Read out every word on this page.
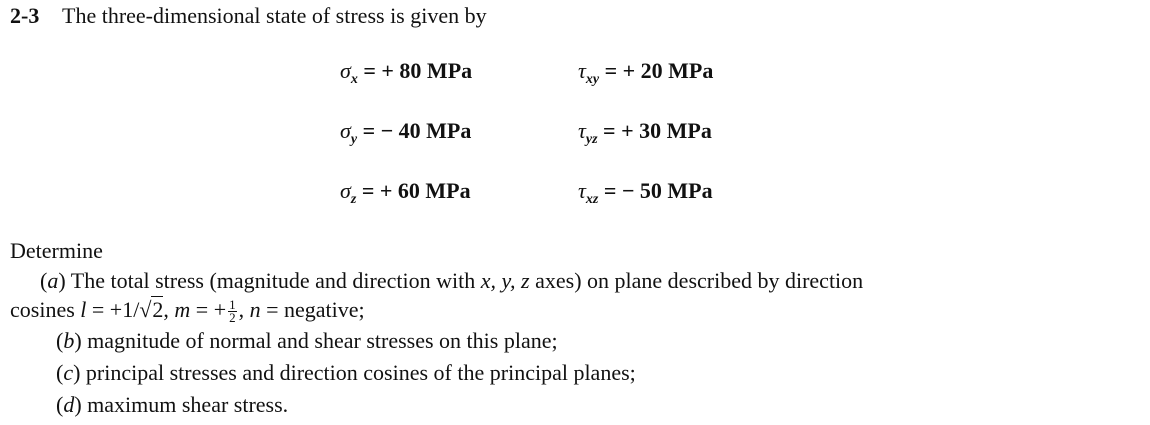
2-3 The three-dimensional state of stress is given by
$\sigma_x$ = + 80 MPa
$\sigma_y$ = − 40 MPa
$\sigma_z$ = + 60 MPa
$\tau_{xy}$ = + 20 MPa
$\tau_{yz}$ = + 30 MPa
$\tau_{xz}$ = − 50 MPa
Determine
(a) The total stress (magnitude and direction with x, y, z axes) on plane described by direction
cosines l = +1/√2, m = + $\frac{1}{2}$ , n = negative;
(b) magnitude of normal and shear stresses on this plane;
(c) principal stresses and direction cosines of the principal planes;
(d) maximum shear stress.
